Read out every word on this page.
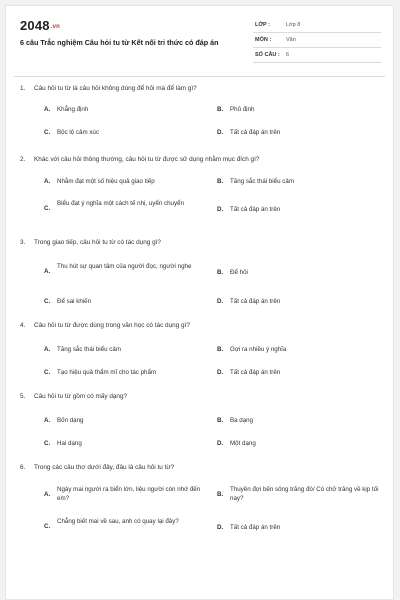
2048.vn
6 câu Trắc nghiệm Câu hỏi tu từ Kết nối tri thức có đáp án
LỚP :	Lớp 8
MÔN :	Văn
SỐ CÂU : 6
1. Câu hỏi tu từ là câu hỏi không dùng để hỏi mà để làm gì?
A. Khẳng định	B. Phủ định
C. Bộc lộ cảm xúc	D. Tất cả đáp án trên
2. Khác với câu hỏi thông thường, câu hỏi tu từ được sử dụng nhằm mục đích gì?
A. Nhằm đạt một số hiệu quả giao tiếp	B. Tăng sắc thái biểu cảm
C.
Biểu đạt ý nghĩa một cách tế nhị, uyển chuyển
D. Tất cả đáp án trên
3. Trong giao tiếp, câu hỏi tu từ có tác dụng gì?
A.
Thu hút sự quan tâm của người đọc, người nghe
B. Để hỏi
C. Để sai khiến	D. Tất cả đáp án trên
4. Câu hỏi tu từ được dùng trong văn học có tác dụng gì?
A. Tăng sắc thái biểu cảm	B. Gợi ra nhiều ý nghĩa
C. Tạo hiệu quả thẩm mĩ cho tác phẩm	D. Tất cả đáp án trên
5. Câu hỏi tu từ gồm có mấy dạng?
A. Bốn dạng	B. Ba dạng
C. Hai dạng	D. Một dạng
6. Trong các câu thơ dưới đây, đâu là câu hỏi tu từ?
A.
Ngày mai người ra biển lớn, liệu người còn nhớ đến em?
B.
Thuyền đợi bến sông trăng đó/ Có chở trăng về kịp tối nay?
C.
Chẳng biết mai về sau, anh có quay lại đây?
D. Tất cả đáp án trên
